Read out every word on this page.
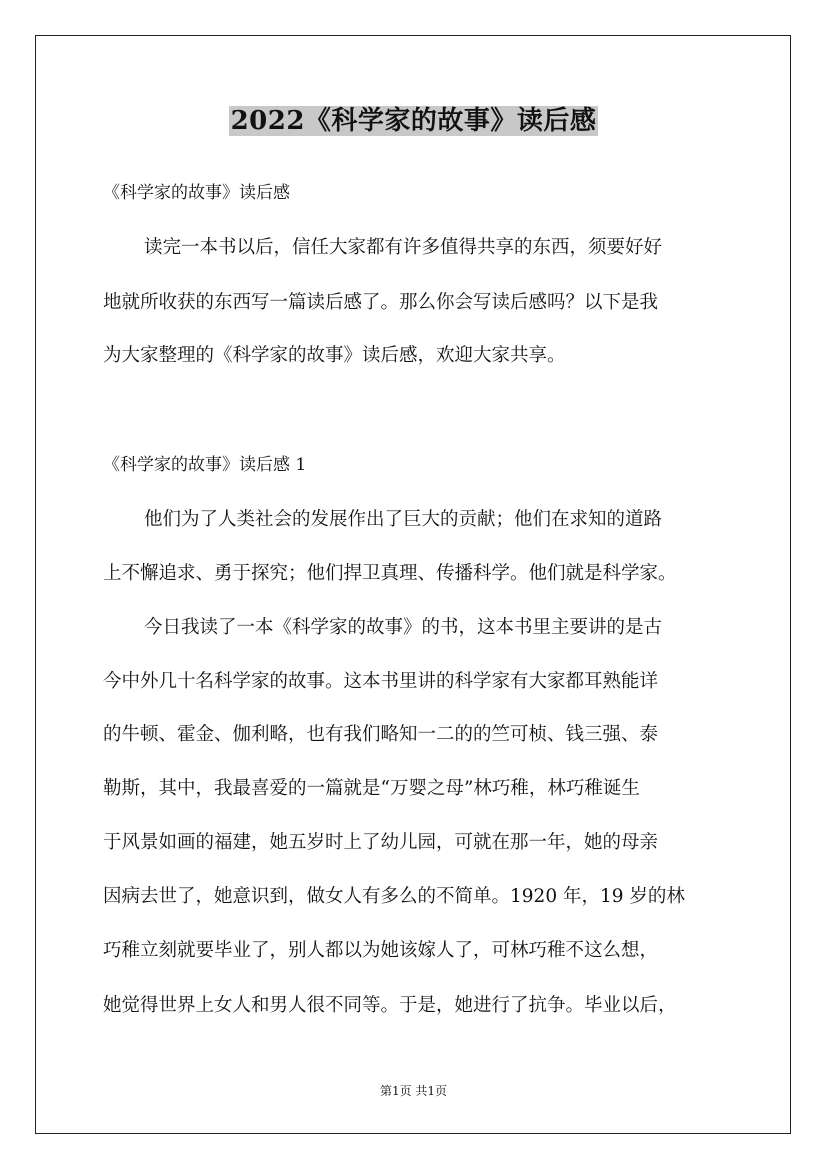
2022《科学家的故事》读后感
《科学家的故事》读后感
读完一本书以后，信任大家都有许多值得共享的东西，须要好好
地就所收获的东西写一篇读后感了。那么你会写读后感吗？以下是我
为大家整理的《科学家的故事》读后感，欢迎大家共享。
《科学家的故事》读后感 1
他们为了人类社会的发展作出了巨大的贡献；他们在求知的道路
上不懈追求、勇于探究；他们捍卫真理、传播科学。他们就是科学家。
今日我读了一本《科学家的故事》的书，这本书里主要讲的是古
今中外几十名科学家的故事。这本书里讲的科学家有大家都耳熟能详
的牛顿、霍金、伽利略，也有我们略知一二的的竺可桢、钱三强、泰
勒斯，其中，我最喜爱的一篇就是“万婴之母”林巧稚，林巧稚诞生
于风景如画的福建，她五岁时上了幼儿园，可就在那一年，她的母亲
因病去世了，她意识到，做女人有多么的不简单。1920 年，19 岁的林
巧稚立刻就要毕业了，别人都以为她该嫁人了，可林巧稚不这么想，
她觉得世界上女人和男人很不同等。于是，她进行了抗争。毕业以后，
第1页 共1页
